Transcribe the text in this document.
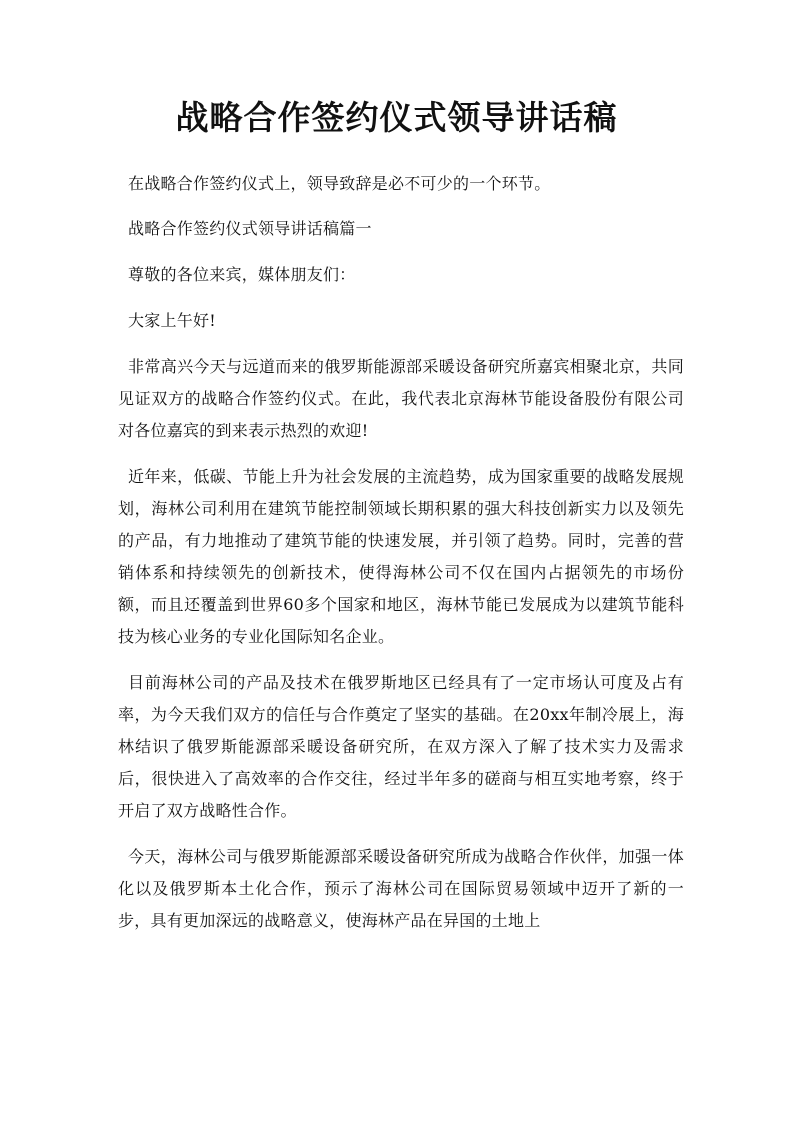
战略合作签约仪式领导讲话稿

在战略合作签约仪式上，领导致辞是必不可少的一个环节。

战略合作签约仪式领导讲话稿篇一

尊敬的各位来宾，媒体朋友们：

大家上午好!

非常高兴今天与远道而来的俄罗斯能源部采暖设备研究所嘉宾相聚北京，共同见证双方的战略合作签约仪式。在此，我代表北京海林节能设备股份有限公司对各位嘉宾的到来表示热烈的欢迎!

近年来，低碳、节能上升为社会发展的主流趋势，成为国家重要的战略发展规划，海林公司利用在建筑节能控制领域长期积累的强大科技创新实力以及领先的产品，有力地推动了建筑节能的快速发展，并引领了趋势。同时，完善的营销体系和持续领先的创新技术，使得海林公司不仅在国内占据领先的市场份额，而且还覆盖到世界60多个国家和地区，海林节能已发展成为以建筑节能科技为核心业务的专业化国际知名企业。

目前海林公司的产品及技术在俄罗斯地区已经具有了一定市场认可度及占有率，为今天我们双方的信任与合作奠定了坚实的基础。在20xx年制冷展上，海林结识了俄罗斯能源部采暖设备研究所，在双方深入了解了技术实力及需求后，很快进入了高效率的合作交往，经过半年多的磋商与相互实地考察，终于开启了双方战略性合作。

今天，海林公司与俄罗斯能源部采暖设备研究所成为战略合作伙伴，加强一体化以及俄罗斯本土化合作，预示了海林公司在国际贸易领域中迈开了新的一步，具有更加深远的战略意义，使海林产品在异国的土地上
